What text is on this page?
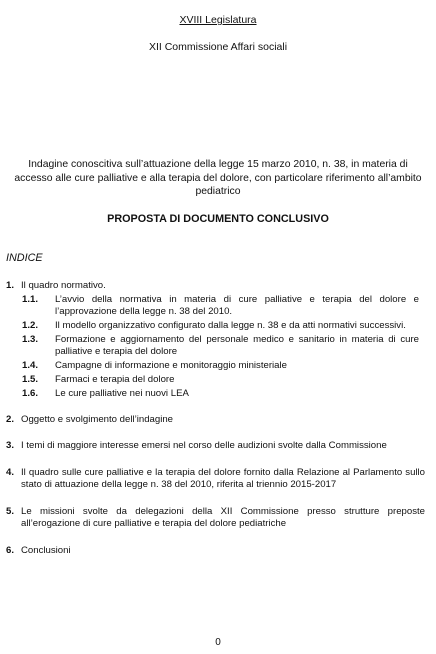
XVIII Legislatura
XII Commissione Affari sociali
Indagine conoscitiva sull’attuazione della legge 15 marzo 2010, n. 38, in materia di accesso alle cure palliative e alla terapia del dolore, con particolare riferimento all’ambito pediatrico
PROPOSTA DI DOCUMENTO CONCLUSIVO
INDICE
1. Il quadro normativo.
1.1. L’avvio della normativa in materia di cure palliative e terapia del dolore e l’approvazione della legge n. 38 del 2010.
1.2. Il modello organizzativo configurato dalla legge n. 38 e da atti normativi successivi.
1.3. Formazione e aggiornamento del personale medico e sanitario in materia di cure palliative e terapia del dolore
1.4. Campagne di informazione e monitoraggio ministeriale
1.5. Farmaci e terapia del dolore
1.6. Le cure palliative nei nuovi LEA
2. Oggetto e svolgimento dell’indagine
3. I temi di maggiore interesse emersi nel corso delle audizioni svolte dalla Commissione
4. Il quadro sulle cure palliative e la terapia del dolore fornito dalla Relazione al Parlamento sullo stato di attuazione della legge n. 38 del 2010, riferita al triennio 2015-2017
5. Le missioni svolte da delegazioni della XII Commissione presso strutture preposte all’erogazione di cure palliative e terapia del dolore pediatriche
6. Conclusioni
0
